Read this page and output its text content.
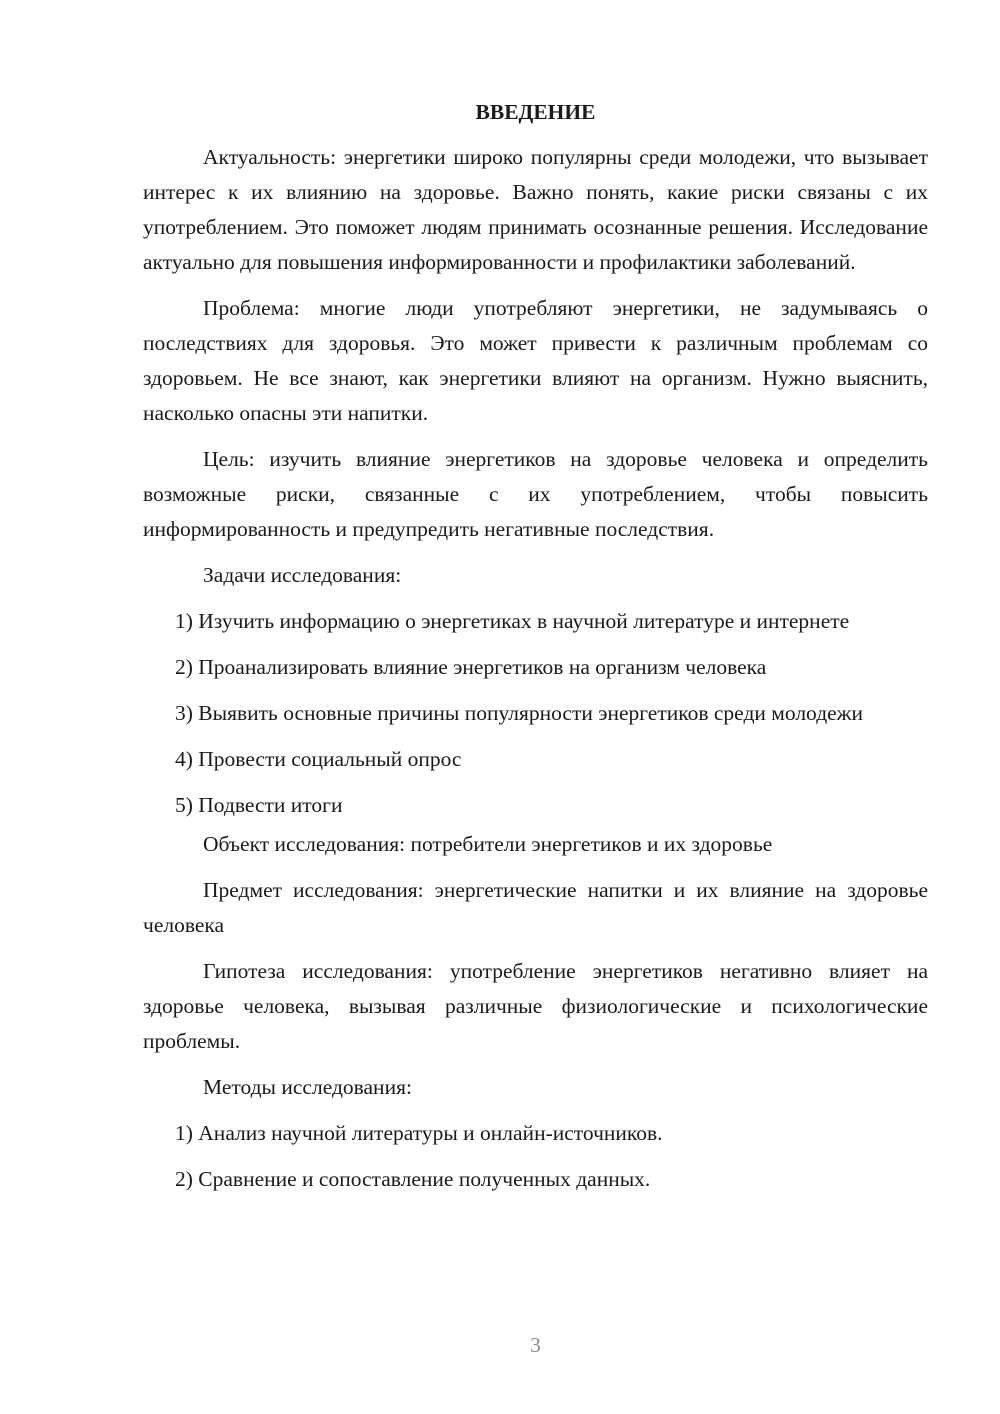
ВВЕДЕНИЕ

Актуальность: энергетики широко популярны среди молодежи, что вызывает интерес к их влиянию на здоровье. Важно понять, какие риски связаны с их употреблением. Это поможет людям принимать осознанные решения. Исследование актуально для повышения информированности и профилактики заболеваний.

Проблема: многие люди употребляют энергетики, не задумываясь о последствиях для здоровья. Это может привести к различным проблемам со здоровьем. Не все знают, как энергетики влияют на организм. Нужно выяснить, насколько опасны эти напитки.

Цель: изучить влияние энергетиков на здоровье человека и определить возможные риски, связанные с их употреблением, чтобы повысить информированность и предупредить негативные последствия.

Задачи исследования:

1) Изучить информацию о энергетиках в научной литературе и интернете

2) Проанализировать влияние энергетиков на организм человека

3) Выявить основные причины популярности энергетиков среди молодежи

4) Провести социальный опрос

5) Подвести итоги

Объект исследования: потребители энергетиков и их здоровье

Предмет исследования: энергетические напитки и их влияние на здоровье человека

Гипотеза исследования: употребление энергетиков негативно влияет на здоровье человека, вызывая различные физиологические и психологические проблемы.

Методы исследования:

1) Анализ научной литературы и онлайн-источников.

2) Сравнение и сопоставление полученных данных.

3
